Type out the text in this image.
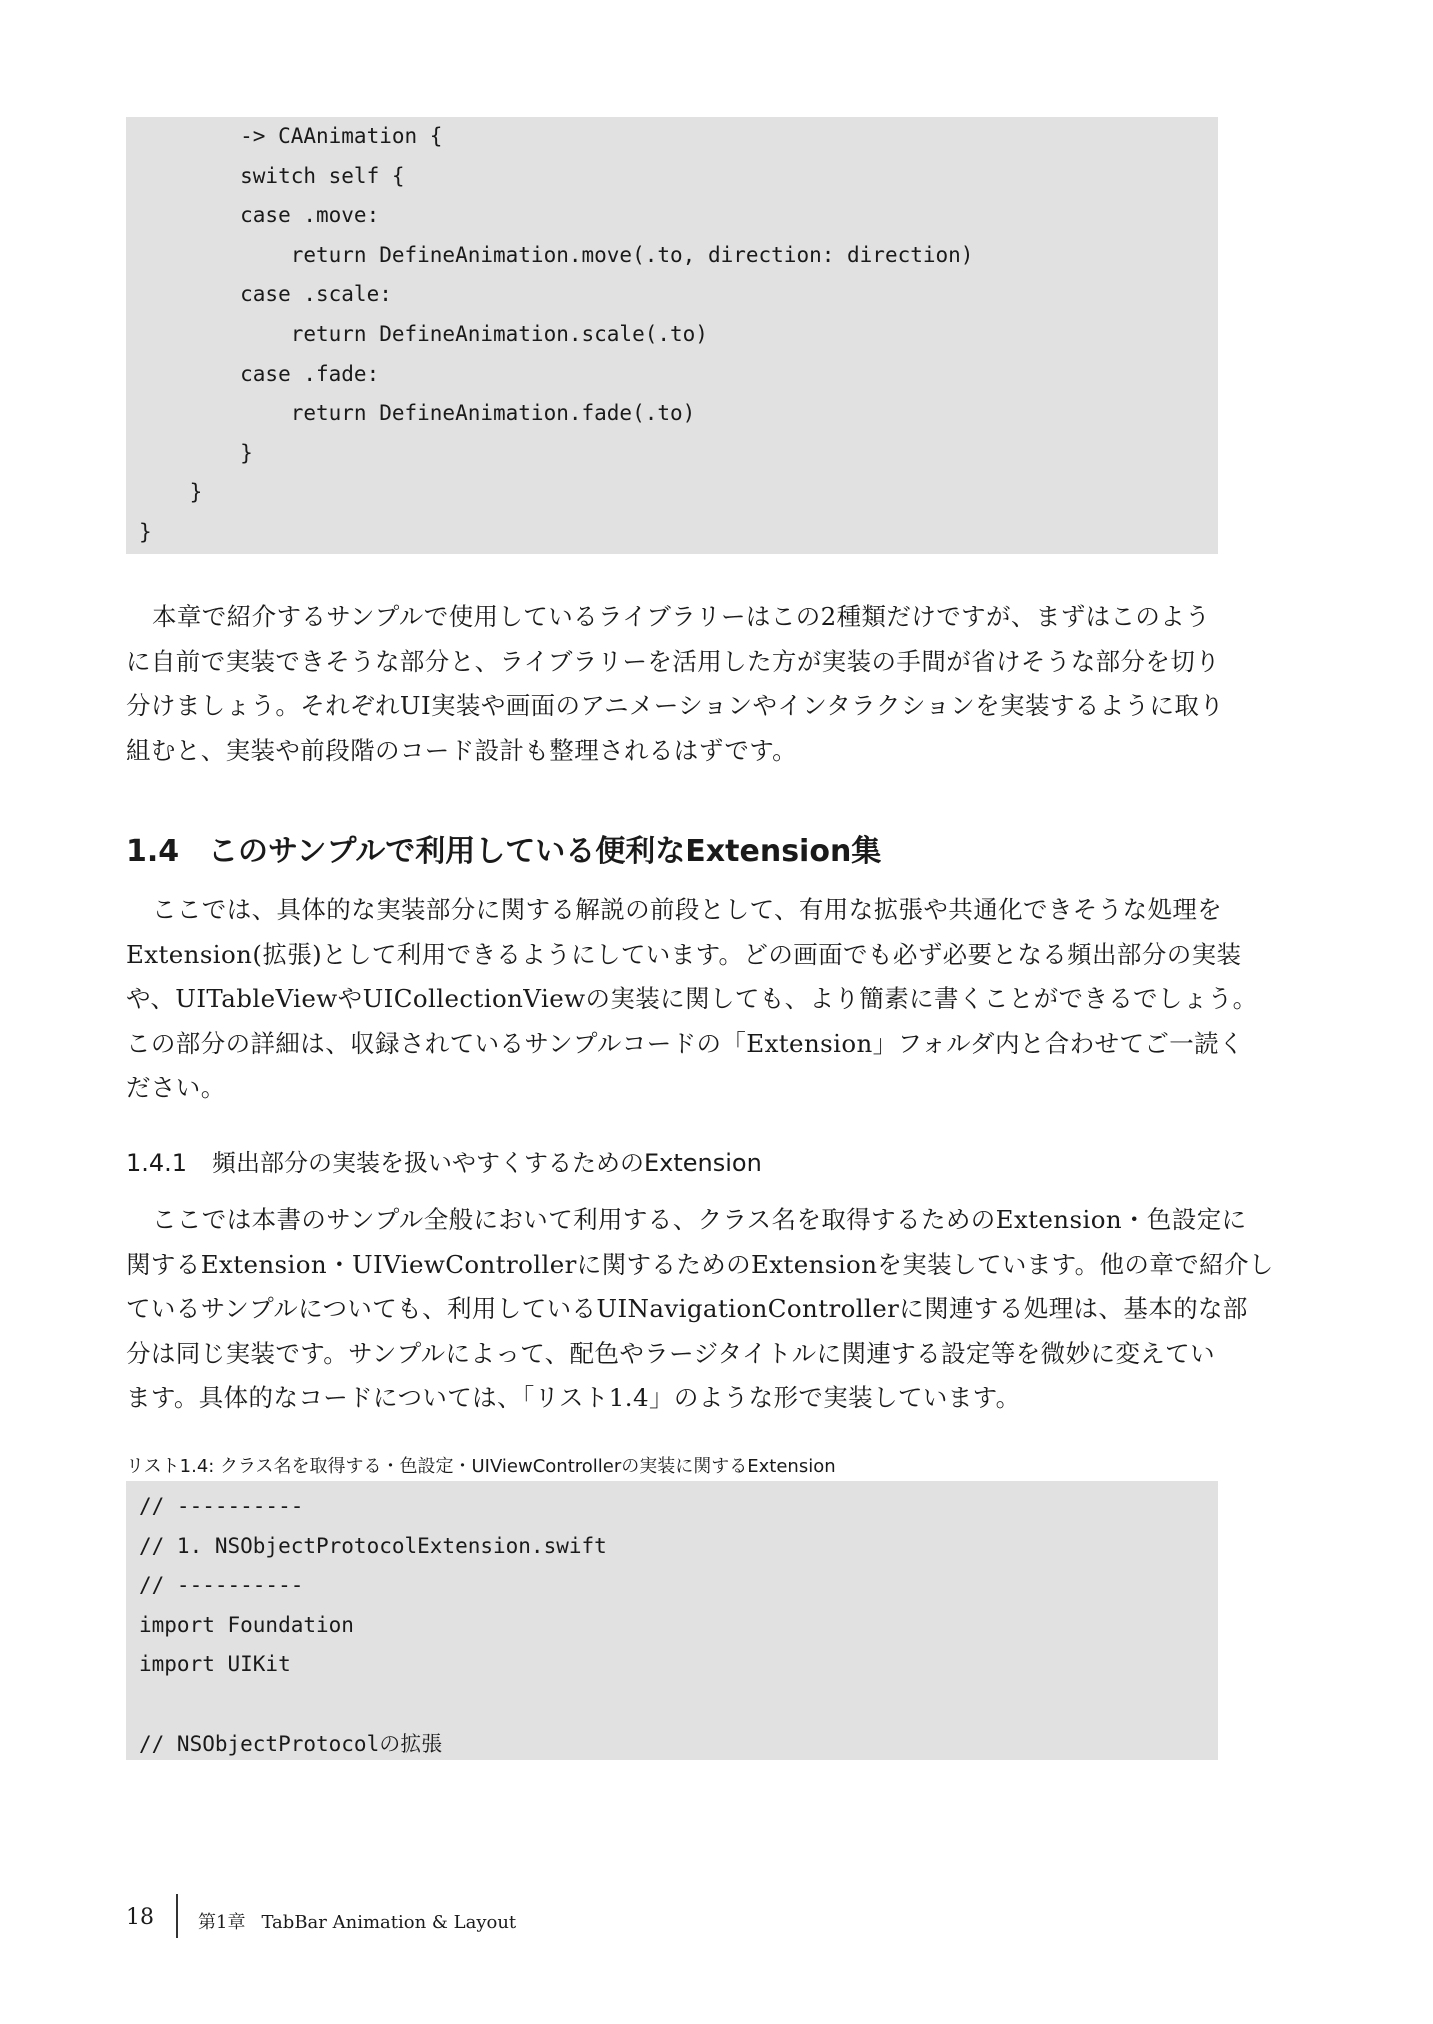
-> CAAnimation {
switch self {
case .move:
return DefineAnimation.move(.to, direction: direction)
case .scale:
return DefineAnimation.scale(.to)
case .fade:
return DefineAnimation.fade(.to)
}
}
}
本章で紹介するサンプルで使用しているライブラリーはこの2種類だけですが、まずはこのよう
に自前で実装できそうな部分と、ライブラリーを活用した方が実装の手間が省けそうな部分を切り
分けましょう。それぞれUI実装や画面のアニメーションやインタラクションを実装するように取り
組むと、実装や前段階のコード設計も整理されるはずです。
1.4 このサンプルで利用している便利なExtension集
ここでは、具体的な実装部分に関する解説の前段として、有用な拡張や共通化できそうな処理を
Extension(拡張)として利用できるようにしています。どの画面でも必ず必要となる頻出部分の実装
や、UITableViewやUICollectionViewの実装に関しても、より簡素に書くことができるでしょう。
この部分の詳細は、収録されているサンプルコードの「Extension」フォルダ内と合わせてご一読く
ださい。
1.4.1 頻出部分の実装を扱いやすくするためのExtension
ここでは本書のサンプル全般において利用する、クラス名を取得するためのExtension・色設定に
関するExtension・UIViewControllerに関するためのExtensionを実装しています。他の章で紹介し
ているサンプルについても、利用しているUINavigationControllerに関連する処理は、基本的な部
分は同じ実装です。サンプルによって、配色やラージタイトルに関連する設定等を微妙に変えてい
ます。具体的なコードについては、「リスト1.4」のような形で実装しています。

リスト1.4: クラス名を取得する・色設定・UIViewControllerの実装に関するExtension

// ----------
// 1. NSObjectProtocolExtension.swift
// ----------
import Foundation
import UIKit
// NSObjectProtocolの拡張
18 第1章 TabBar Animation & Layout
